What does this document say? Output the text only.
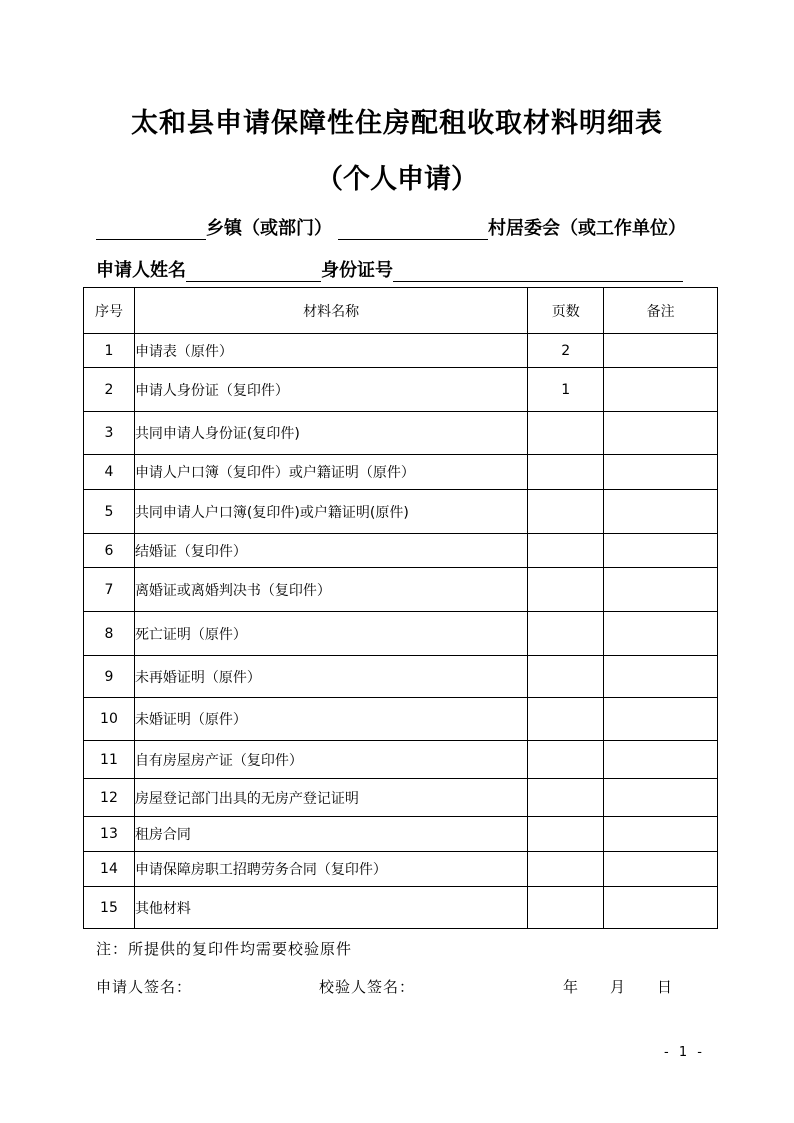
太和县申请保障性住房配租收取材料明细表
（个人申请）
乡镇（或部门）	村居委会（或工作单位）
申请人姓名	身份证号
序号	材料名称	页数	备注
1	申请表（原件）	2	
2	申请人身份证（复印件）	1	
3	共同申请人身份证(复印件)		
4	申请人户口簿（复印件）或户籍证明（原件）		
5	共同申请人户口簿(复印件)或户籍证明(原件)		
6	结婚证（复印件）		
7	离婚证或离婚判决书（复印件）		
8	死亡证明（原件）		
9	未再婚证明（原件）		
10	未婚证明（原件）		
11	自有房屋房产证（复印件）		
12	房屋登记部门出具的无房产登记证明		
13	租房合同		
14	申请保障房职工招聘劳务合同（复印件）		
15	其他材料		
注：所提供的复印件均需要校验原件
申请人签名：	校验人签名：	年 月 日
- 1 -
